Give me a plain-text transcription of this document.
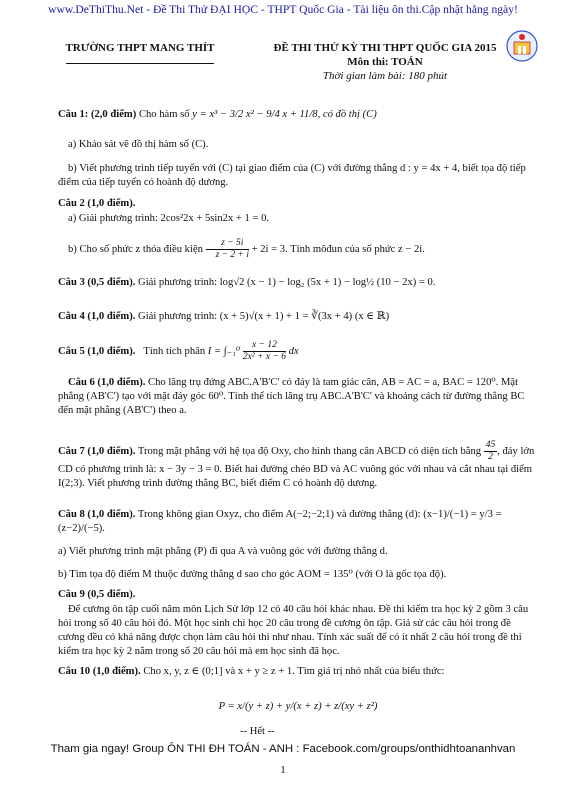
www.DeThiThu.Net - Đề Thi Thử ĐẠI HỌC - THPT Quốc Gia - Tài liệu ôn thi.Cập nhật hằng ngày!
TRƯỜNG THPT MANG THÍT	ĐỀ THI THỬ KỲ THI THPT QUỐC GIA 2015
Môn thi: TOÁN
Thời gian làm bài: 180 phút
Câu 1: (2,0 điểm) Cho hàm số y = x³ − 3/2 x² − 9/4 x + 11/8, có đồ thị (C)
a) Khảo sát vẽ đồ thị hàm số (C).
b) Viết phương trình tiếp tuyến với (C) tại giao điểm của (C) với đường thẳng d : y = 4x + 4, biết tọa độ tiếp điểm của tiếp tuyến có hoành độ dương.
Câu 2 (1,0 điểm).
a) Giải phương trình: 2cos²2x + 5sin2x + 1 = 0.
b) Cho số phức z thỏa điều kiện $\frac{z - 5i}{z - 2 + i} + 2i = 3$. Tính môđun của số phức z − 2i.
Câu 3 (0,5 điểm). Giải phương trình: log√2 (x − 1) − log₂ (5x + 1) − log½ (10 − 2x) = 0.
Câu 4 (1,0 điểm). Giải phương trình: (x + 5)√(x + 1) + 1 = ∛(3x + 4) (x ∈ ℝ)
Câu 5 (1,0 điểm). Tính tích phân $I = \int_{-1}^0 \frac{x - 12}{\text{2x² + x − 6}}$ dx
Câu 6 (1,0 điểm). Cho lăng trụ đứng ABC.A'B'C' có đáy là tam giác cân, AB = AC = a, BAC = 120⁰. Mặt phẳng (AB'C') tạo với mặt đáy góc 60⁰. Tính thể tích lăng trụ ABC.A'B'C' và khoảng cách từ đường thẳng BC đến mặt phẳng (AB'C') theo a.
Câu 7 (1,0 điểm). Trong mặt phẳng với hệ tọa độ Oxy, cho hình thang cân ABCD có diện tích bằng $\frac{45}{2}$ , đáy lớn CD có phương trình là: x − 3y − 3 = 0. Biết hai đường chéo BD và AC vuông góc với nhau và cắt nhau tại điểm I(2;3). Viết phương trình đường thẳng BC, biết điểm C có hoành độ dương.
Câu 8 (1,0 điểm). Trong không gian Oxyz, cho điểm A(−2;−2;1) và đường thẳng (d): (x−1)/(−1) = y/3 = (z−2)/(−5).
a) Viết phương trình mặt phẳng (P) đi qua A và vuông góc với đường thẳng d.
b) Tìm tọa độ điểm M thuộc đường thẳng d sao cho góc AOM = 135⁰ (với O là gốc tọa độ).
Câu 9 (0,5 điểm).
Để cương ôn tập cuối năm môn Lịch Sử lớp 12 có 40 câu hỏi khác nhau. Đề thi kiểm tra học kỳ 2 gồm 3 câu hỏi trong số 40 câu hỏi đó. Một học sinh chỉ học 20 câu trong đề cương ôn tập. Giả sử các câu hỏi trong đề cương đều có khả năng được chọn làm câu hỏi thi như nhau. Tính xác suất để có ít nhất 2 câu hỏi trong đề thi kiểm tra học kỳ 2 nằm trong số 20 câu hỏi mà em học sinh đã học.
Câu 10 (1,0 điểm). Cho x, y, z ∈ (0;1] và x + y ≥ z + 1. Tìm giá trị nhỏ nhất của biểu thức:
P = x/(y + z) + y/(x + z) + z/(xy + z²)
-- Hết --
Tham gia ngay! Group ÔN THI ĐH TOÁN - ANH : Facebook.com/groups/onthidhtoananhvan
1
